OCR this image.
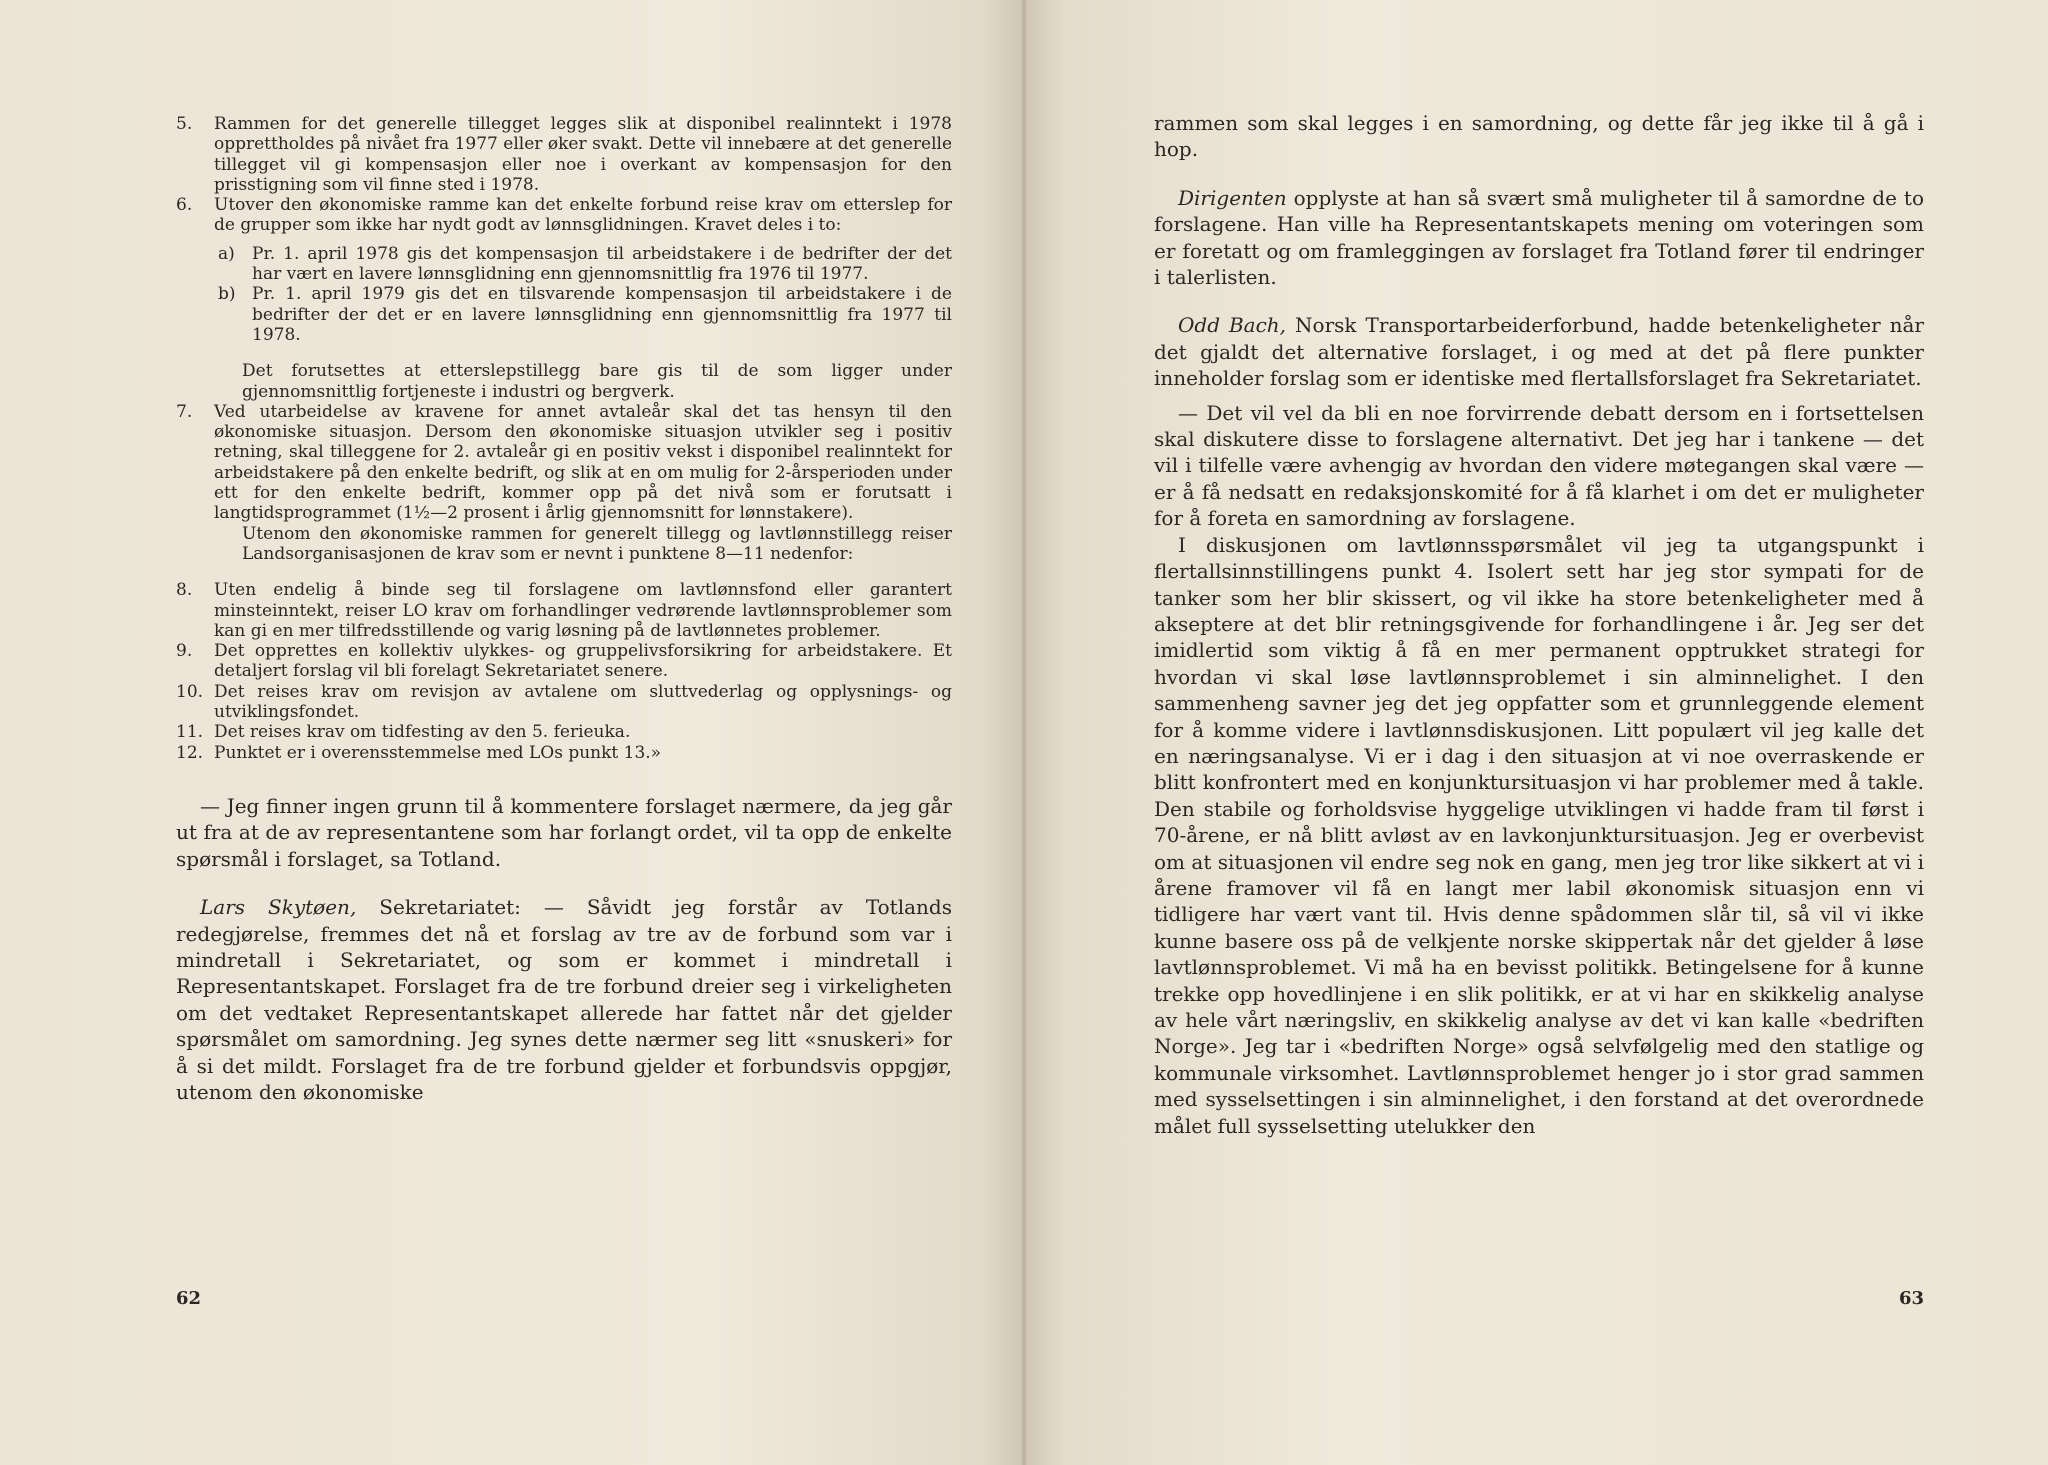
5.	Rammen for det generelle tillegget legges slik at disponibel realinntekt i 1978 opprettholdes på nivået fra 1977 eller øker svakt. Dette vil innebære at det generelle tillegget vil gi kompensasjon eller noe i overkant av kompensasjon for den prisstigning som vil finne sted i 1978.
6.	Utover den økonomiske ramme kan det enkelte forbund reise krav om etterslep for de grupper som ikke har nydt godt av lønnsglidningen. Kravet deles i to:
a)	Pr. 1. april 1978 gis det kompensasjon til arbeidstakere i de bedrifter der det har vært en lavere lønnsglidning enn gjennomsnittlig fra 1976 til 1977.
b) Pr. 1. april 1979 gis det en tilsvarende kompensasjon til arbeidstakere i de bedrifter der det er en lavere lønnsglidning enn gjennomsnittlig fra 1977 til 1978.
Det forutsettes at etterslepstillegg bare gis til de som ligger under gjennomsnittlig fortjeneste i industri og bergverk.
7.	Ved utarbeidelse av kravene for annet avtaleår skal det tas hensyn til den økonomiske situasjon. Dersom den økonomiske situasjon utvikler seg i positiv retning, skal tilleggene for 2. avtaleår gi en positiv vekst i disponibel realinntekt for arbeidstakere på den enkelte bedrift, og slik at en om mulig for 2-årsperioden under ett for den enkelte bedrift, kommer opp på det nivå som er forutsatt i langtidsprogrammet (1½—2 prosent i årlig gjennomsnitt for lønnstakere).
Utenom den økonomiske rammen for generelt tillegg og lavtlønnstillegg reiser Landsorganisasjonen de krav som er nevnt i punktene 8—11 nedenfor:
8.	Uten endelig å binde seg til forslagene om lavtlønnsfond eller garantert minsteinntekt, reiser LO krav om forhandlinger vedrørende lavtlønnsproblemer som kan gi en mer tilfredsstillende og varig løsning på de lavtlønnetes problemer.
9.	Det opprettes en kollektiv ulykkes- og gruppelivsforsikring for arbeidstakere. Et detaljert forslag vil bli forelagt Sekretariatet senere.
10. Det reises krav om revisjon av avtalene om sluttvederlag og opplysnings- og utviklingsfondet.
11. Det reises krav om tidfesting av den 5. ferieuka.
12. Punktet er i overensstemmelse med LOs punkt 13.»

— Jeg finner ingen grunn til å kommentere forslaget nærmere, da jeg går ut fra at de av representantene som har forlangt ordet, vil ta opp de enkelte spørsmål i forslaget, sa Totland.

Lars Skytøen, Sekretariatet: — Såvidt jeg forstår av Totlands redegjørelse, fremmes det nå et forslag av tre av de forbund som var i mindretall i Sekretariatet, og som er kommet i mindretall i Representantskapet. Forslaget fra de tre forbund dreier seg i virkeligheten om det vedtaket Representantskapet allerede har fattet når det gjelder spørsmålet om samordning. Jeg synes dette nærmer seg litt «snuskeri» for å si det mildt. Forslaget fra de tre forbund gjelder et forbundsvis oppgjør, utenom den økonomiske

62

rammen som skal legges i en samordning, og dette får jeg ikke til å gå i hop.

Dirigenten opplyste at han så svært små muligheter til å samordne de to forslagene. Han ville ha Representantskapets mening om voteringen som er foretatt og om framleggingen av forslaget fra Totland fører til endringer i talerlisten.

Odd Bach, Norsk Transportarbeiderforbund, hadde betenkeligheter når det gjaldt det alternative forslaget, i og med at det på flere punkter inneholder forslag som er identiske med flertallsforslaget fra Sekretariatet.

— Det vil vel da bli en noe forvirrende debatt dersom en i fortsettelsen skal diskutere disse to forslagene alternativt. Det jeg har i tankene — det vil i tilfelle være avhengig av hvordan den videre møtegangen skal være — er å få nedsatt en redaksjonskomité for å få klarhet i om det er muligheter for å foreta en samordning av forslagene.

I diskusjonen om lavtlønnsspørsmålet vil jeg ta utgangspunkt i flertallsinnstillingens punkt 4. Isolert sett har jeg stor sympati for de tanker som her blir skissert, og vil ikke ha store betenkeligheter med å akseptere at det blir retningsgivende for forhandlingene i år. Jeg ser det imidlertid som viktig å få en mer permanent opptrukket strategi for hvordan vi skal løse lavtlønnsproblemet i sin alminnelighet. I den sammenheng savner jeg det jeg oppfatter som et grunnleggende element for å komme videre i lavtlønnsdiskusjonen. Litt populært vil jeg kalle det en næringsanalyse. Vi er i dag i den situasjon at vi noe overraskende er blitt konfrontert med en konjunktursituasjon vi har problemer med å takle. Den stabile og forholdsvise hyggelige utviklingen vi hadde fram til først i 70-årene, er nå blitt avløst av en lavkonjunktursituasjon. Jeg er overbevist om at situasjonen vil endre seg nok en gang, men jeg tror like sikkert at vi i årene framover vil få en langt mer labil økonomisk situasjon enn vi tidligere har vært vant til. Hvis denne spådommen slår til, så vil vi ikke kunne basere oss på de velkjente norske skippertak når det gjelder å løse lavtlønnsproblemet. Vi må ha en bevisst politikk. Betingelsene for å kunne trekke opp hovedlinjene i en slik politikk, er at vi har en skikkelig analyse av hele vårt næringsliv, en skikkelig analyse av det vi kan kalle «bedriften Norge». Jeg tar i «bedriften Norge» også selvfølgelig med den statlige og kommunale virksomhet. Lavtlønnsproblemet henger jo i stor grad sammen med sysselsettingen i sin alminnelighet, i den forstand at det overordnede målet full sysselsetting utelukker den

63
